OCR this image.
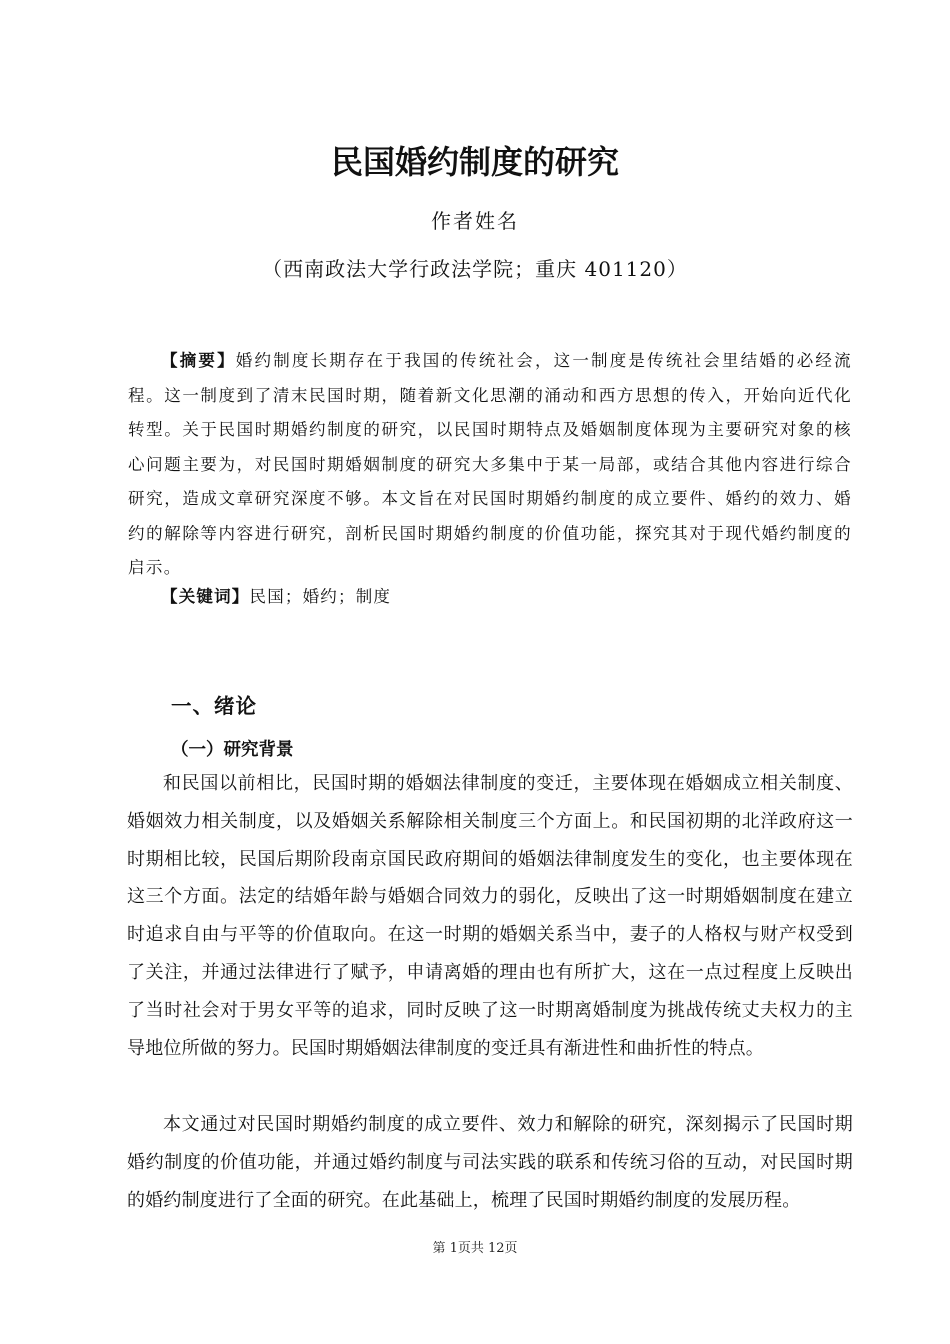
民国婚约制度的研究
作者姓名
（西南政法大学行政法学院；重庆 401120）
【摘要】婚约制度长期存在于我国的传统社会，这一制度是传统社会里结婚的必经流程。这一制度到了清末民国时期，随着新文化思潮的涌动和西方思想的传入，开始向近代化转型。关于民国时期婚约制度的研究，以民国时期特点及婚姻制度体现为主要研究对象的核心问题主要为，对民国时期婚姻制度的研究大多集中于某一局部，或结合其他内容进行综合研究，造成文章研究深度不够。本文旨在对民国时期婚约制度的成立要件、婚约的效力、婚约的解除等内容进行研究，剖析民国时期婚约制度的价值功能，探究其对于现代婚约制度的启示。
【关键词】民国；婚约；制度
一、绪论
（一）研究背景
和民国以前相比，民国时期的婚姻法律制度的变迁，主要体现在婚姻成立相关制度、婚姻效力相关制度，以及婚姻关系解除相关制度三个方面上。和民国初期的北洋政府这一时期相比较，民国后期阶段南京国民政府期间的婚姻法律制度发生的变化，也主要体现在这三个方面。法定的结婚年龄与婚姻合同效力的弱化，反映出了这一时期婚姻制度在建立时追求自由与平等的价值取向。在这一时期的婚姻关系当中，妻子的人格权与财产权受到了关注，并通过法律进行了赋予，申请离婚的理由也有所扩大，这在一点过程度上反映出了当时社会对于男女平等的追求，同时反映了这一时期离婚制度为挑战传统丈夫权力的主导地位所做的努力。民国时期婚姻法律制度的变迁具有渐进性和曲折性的特点。
本文通过对民国时期婚约制度的成立要件、效力和解除的研究，深刻揭示了民国时期婚约制度的价值功能，并通过婚约制度与司法实践的联系和传统习俗的互动，对民国时期的婚约制度进行了全面的研究。在此基础上，梳理了民国时期婚约制度的发展历程。
第 1页共 12页
